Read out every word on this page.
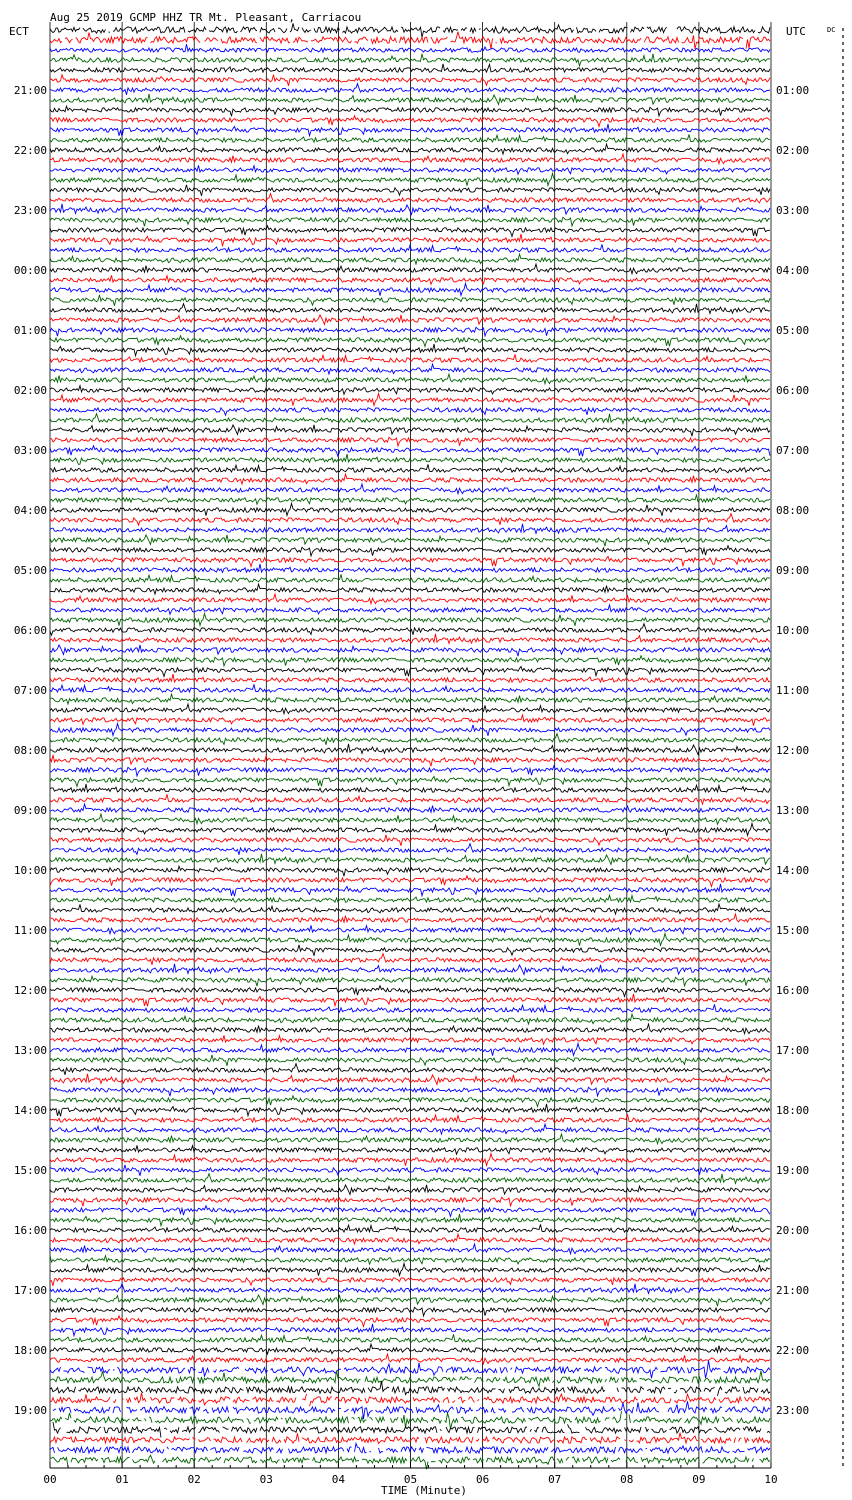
Aug 25 2019 GCMP HHZ TR Mt. Pleasant, Carriacou
ECT	UTC	DC
21:00
22:00
23:00
00:00
01:00
02:00
03:00
04:00
05:00
06:00
07:00
08:00
09:00
10:00
11:00
12:00
13:00
14:00
15:00
16:00
17:00
18:00
19:00
01:00
02:00
03:00
04:00
05:00
06:00
07:00
08:00
09:00
10:00
11:00
12:00
13:00
14:00
15:00
16:00
17:00
18:00
19:00
20:00
21:00
22:00
23:00
00	01	02	03	04	05	06	07	08	09	10
TIME (Minute)
